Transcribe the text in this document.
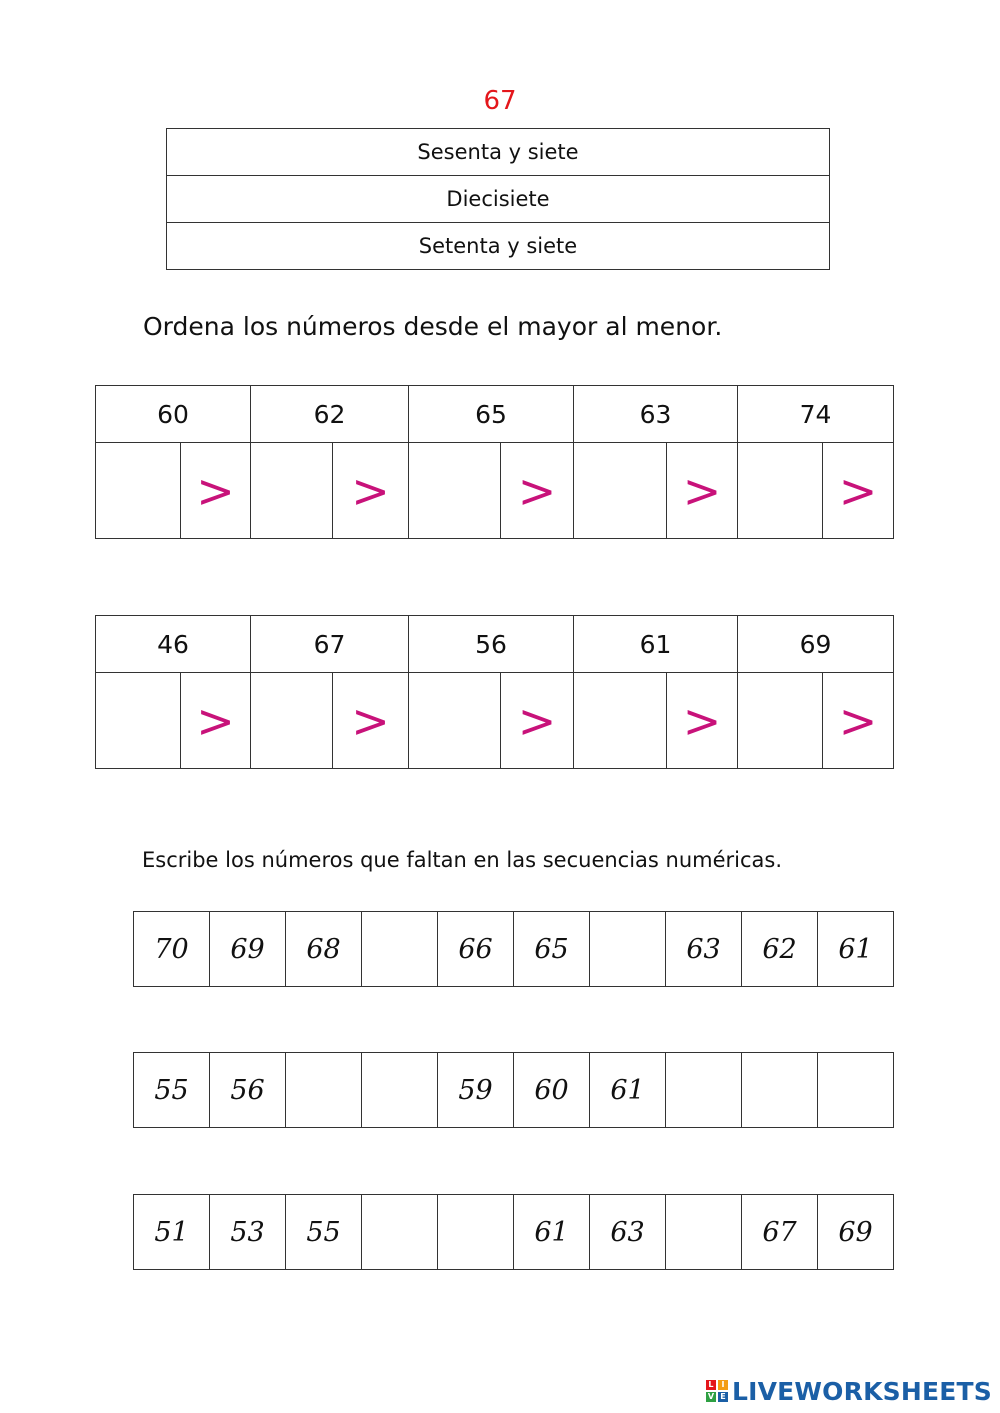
67
Sesenta y siete
Diecisiete
Setenta y siete
Ordena los números desde el mayor al menor.
60		62		65		63		74	
	>		>		>		>		>
46		67		56		61		69	
	>		>		>		>		>
Escribe los números que faltan en las secuencias numéricas.
70	69	68		66	65		63	62	61
55	56			59	60	61			
51	53	55			61	63		67	69
L I
V E LIVEWORKSHEETS
